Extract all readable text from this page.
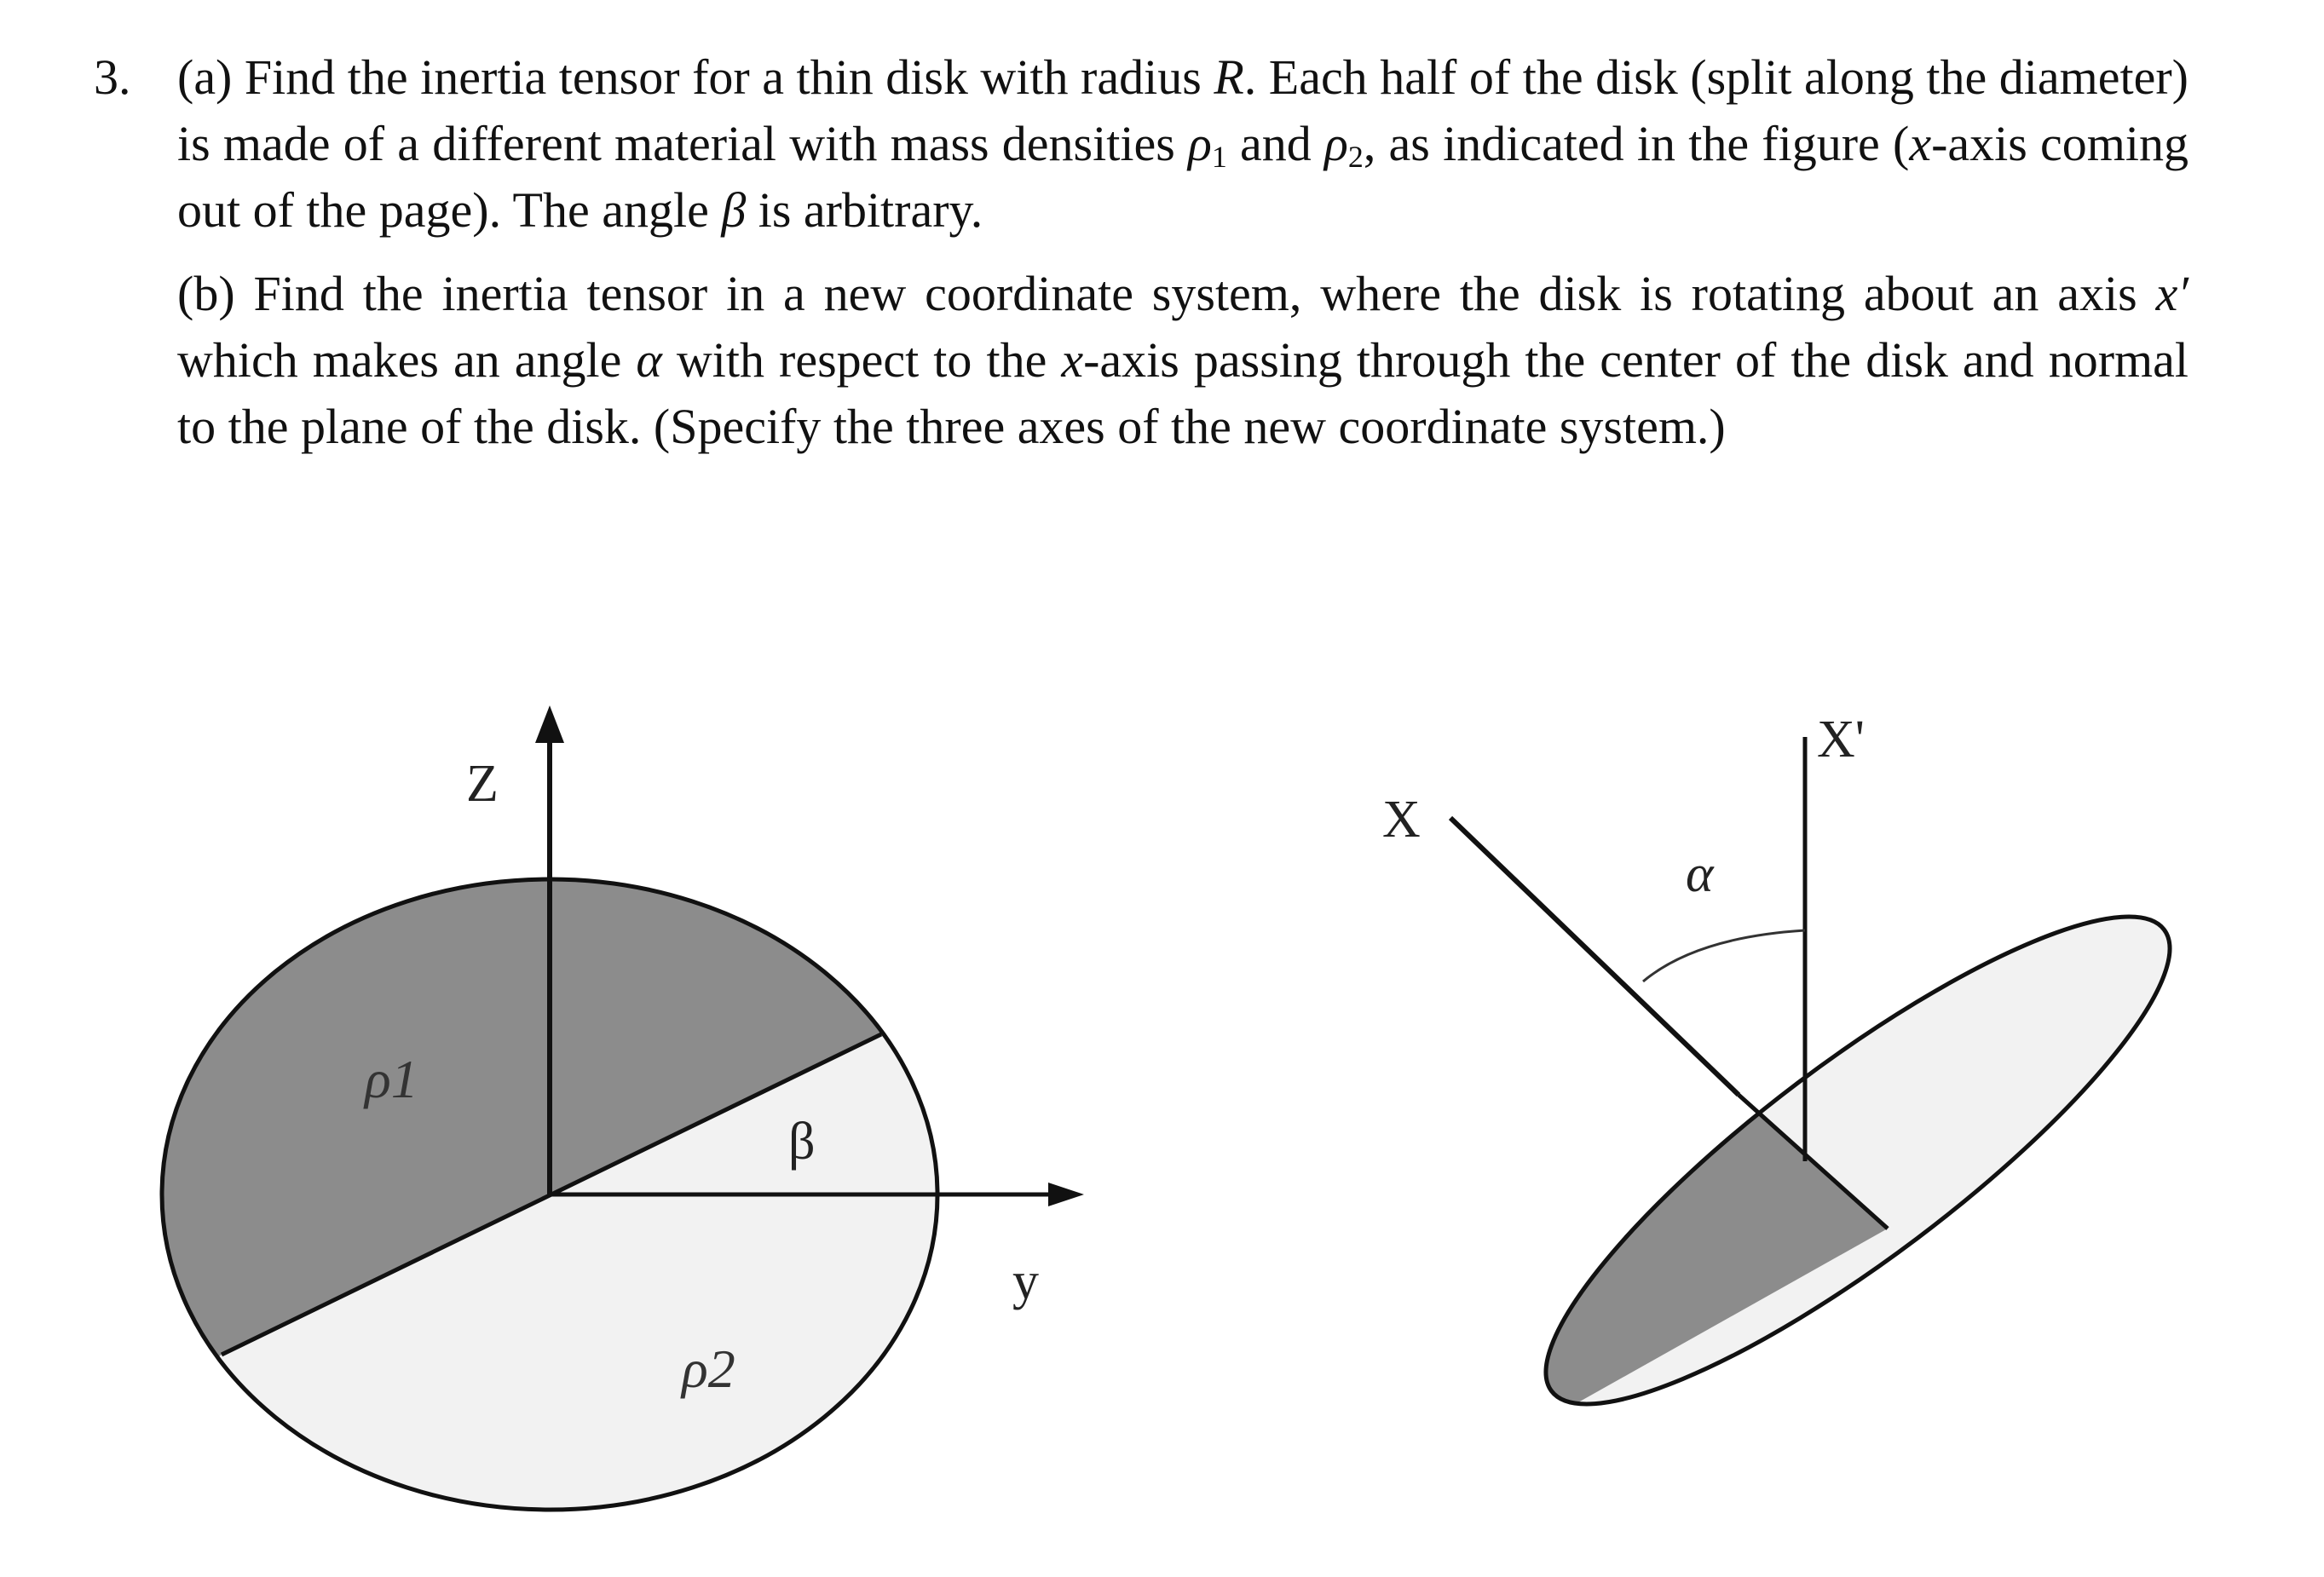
3. (a) Find the inertia tensor for a thin disk with radius R. Each half of the disk (split along the diameter) is made of a different material with mass densities $\rho_1$ and $\rho_2$, as indicated in the figure (x-axis coming out of the page). The angle β is arbitrary.
(b) Find the inertia tensor in a new coordinate system, where the disk is rotating about an axis x′ which makes an angle α with respect to the x-axis passing through the center of the disk and normal to the plane of the disk. (Specify the three axes of the new coordinate system.)
Z
y
β
ρ1
ρ2
X
X'
α
